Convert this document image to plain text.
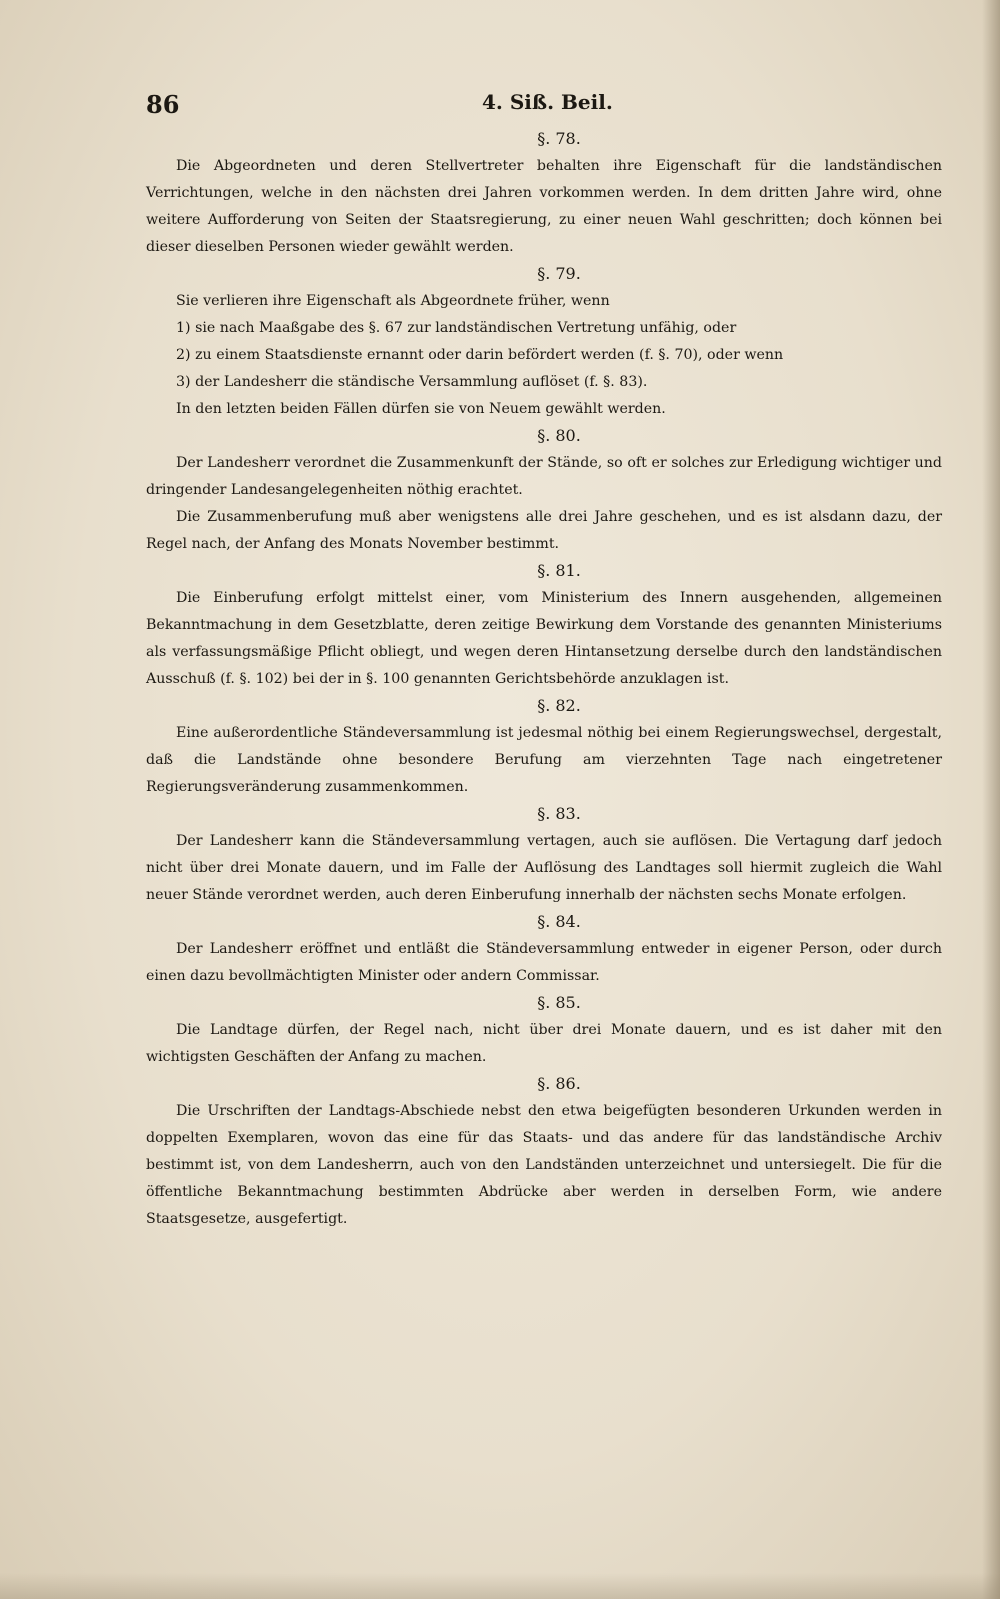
86	4. Siß. Beil.
§. 78.

Die Abgeordneten und deren Stellvertreter behalten ihre Eigenschaft für die landständischen Verrichtungen, welche in den nächsten drei Jahren vorkommen werden. In dem dritten Jahre wird, ohne weitere Aufforderung von Seiten der Staatsregierung, zu einer neuen Wahl geschritten; doch können bei dieser dieselben Personen wieder gewählt werden.

§. 79.

Sie verlieren ihre Eigenschaft als Abgeordnete früher, wenn

1) sie nach Maaßgabe des §. 67 zur landständischen Vertretung unfähig, oder

2) zu einem Staatsdienste ernannt oder darin befördert werden (f. §. 70), oder wenn

3) der Landesherr die ständische Versammlung auflöset (f. §. 83).

In den letzten beiden Fällen dürfen sie von Neuem gewählt werden.

§. 80.

Der Landesherr verordnet die Zusammenkunft der Stände, so oft er solches zur Erledigung wichtiger und dringender Landesangelegenheiten nöthig erachtet.

Die Zusammenberufung muß aber wenigstens alle drei Jahre geschehen, und es ist alsdann dazu, der Regel nach, der Anfang des Monats November bestimmt.

§. 81.

Die Einberufung erfolgt mittelst einer, vom Ministerium des Innern ausgehenden, allgemeinen Bekanntmachung in dem Gesetzblatte, deren zeitige Bewirkung dem Vorstande des genannten Ministeriums als verfassungsmäßige Pflicht obliegt, und wegen deren Hintansetzung derselbe durch den landständischen Ausschuß (f. §. 102) bei der in §. 100 genannten Gerichtsbehörde anzuklagen ist.

§. 82.

Eine außerordentliche Ständeversammlung ist jedesmal nöthig bei einem Regierungswechsel, dergestalt, daß die Landstände ohne besondere Berufung am vierzehnten Tage nach eingetretener Regierungsveränderung zusammenkommen.

§. 83.

Der Landesherr kann die Ständeversammlung vertagen, auch sie auflösen. Die Vertagung darf jedoch nicht über drei Monate dauern, und im Falle der Auflösung des Landtages soll hiermit zugleich die Wahl neuer Stände verordnet werden, auch deren Einberufung innerhalb der nächsten sechs Monate erfolgen.

§. 84.

Der Landesherr eröffnet und entläßt die Ständeversammlung entweder in eigener Person, oder durch einen dazu bevollmächtigten Minister oder andern Commissar.

§. 85.

Die Landtage dürfen, der Regel nach, nicht über drei Monate dauern, und es ist daher mit den wichtigsten Geschäften der Anfang zu machen.

§. 86.

Die Urschriften der Landtags-Abschiede nebst den etwa beigefügten besonderen Urkunden werden in doppelten Exemplaren, wovon das eine für das Staats- und das andere für das landständische Archiv bestimmt ist, von dem Landesherrn, auch von den Landständen unterzeichnet und untersiegelt. Die für die öffentliche Bekanntmachung bestimmten Abdrücke aber werden in derselben Form, wie andere Staatsgesetze, ausgefertigt.
